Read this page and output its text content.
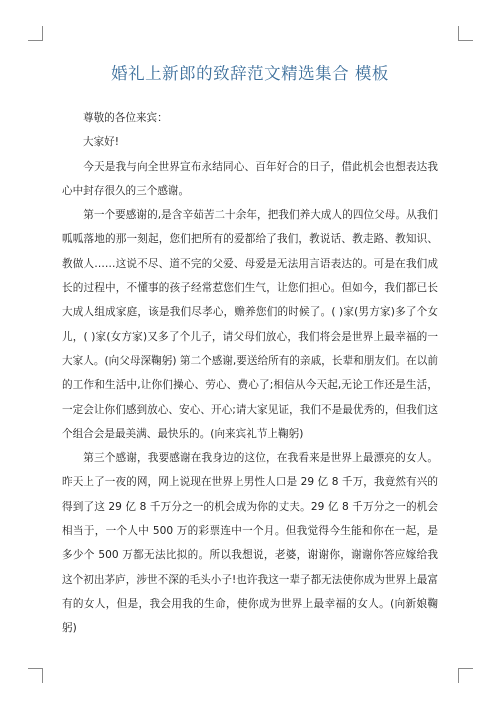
婚礼上新郎的致辞范文精选集合 模板

尊敬的各位来宾：

大家好!

今天是我与向全世界宣布永结同心、百年好合的日子，借此机会也想表达我心中封存很久的三个感谢。

第一个要感谢的,是含辛茹苦二十余年，把我们养大成人的四位父母。从我们呱呱落地的那一刻起，您们把所有的爱都给了我们，教说话、教走路、教知识、教做人……这说不尽、道不完的父爱、母爱是无法用言语表达的。可是在我们成长的过程中，不懂事的孩子经常惹您们生气，让您们担心。但如今，我们都已长大成人组成家庭，该是我们尽孝心，赡养您们的时候了。( )家(男方家)多了个女儿，( )家(女方家)又多了个儿子，请父母们放心，我们将会是世界上最幸福的一大家人。(向父母深鞠躬) 第二个感谢,要送给所有的亲戚，长辈和朋友们。在以前的工作和生活中,让你们操心、劳心、费心了;相信从今天起,无论工作还是生活，一定会让你们感到放心、安心、开心;请大家见证，我们不是最优秀的，但我们这个组合会是最美满、最快乐的。(向来宾礼节上鞠躬)

第三个感谢，我要感谢在我身边的这位，在我看来是世界上最漂亮的女人。昨天上了一夜的网，网上说现在世界上男性人口是 29 亿 8 千万，我竟然有兴的得到了这 29 亿 8 千万分之一的机会成为你的丈夫。29 亿 8 千万分之一的机会相当于，一个人中 500 万的彩票连中一个月。但我觉得今生能和你在一起，是多少个 500 万都无法比拟的。所以我想说，老婆，谢谢你，谢谢你答应嫁给我这个初出茅庐，涉世不深的毛头小子!也许我这一辈子都无法使你成为世界上最富有的女人，但是，我会用我的生命，使你成为世界上最幸福的女人。(向新娘鞠躬)
